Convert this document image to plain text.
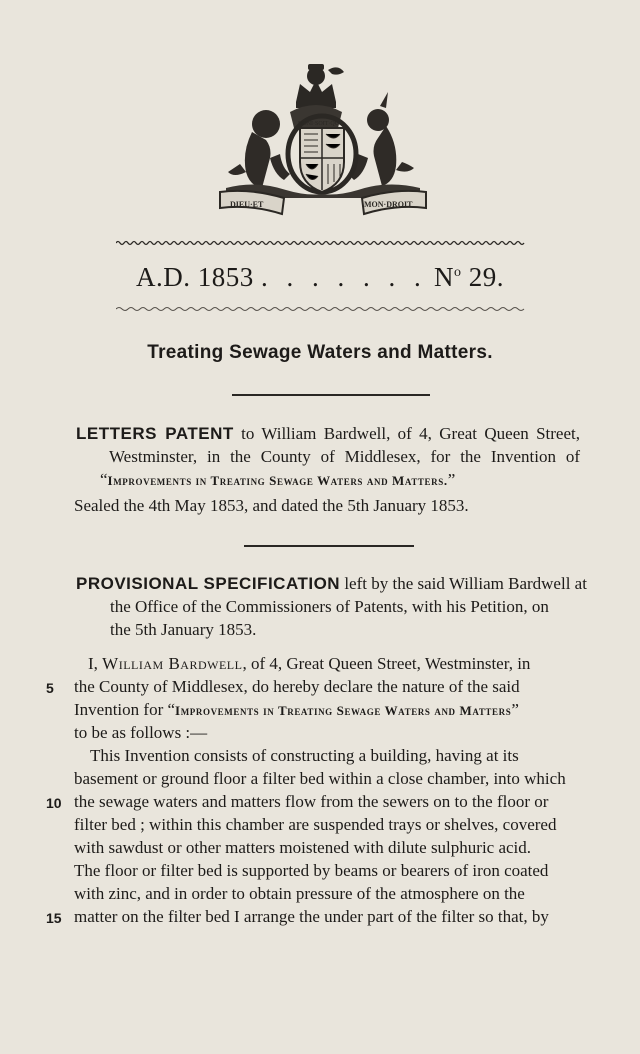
DIEU·ET	MON·DROIT
HONI·SOIT·QUI
A.D. 1853 . . . . . . . $N^o$ 29.
Treating Sewage Waters and Matters.
LETTERS PATENT to William Bardwell, of 4, Great Queen Street,
Westminster, in the County of Middlesex, for the Invention of
“Improvements in Treating Sewage Waters and Matters.”
Sealed the 4th May 1853, and dated the 5th January 1853.
PROVISIONAL SPECIFICATION left by the said William Bardwell at
the Office of the Commissioners of Patents, with his Petition, on
the 5th January 1853.
I, William Bardwell, of 4, Great Queen Street, Westminster, in
5 the County of Middlesex, do hereby declare the nature of the said
Invention for “Improvements in Treating Sewage Waters and Matters”
to be as follows :—
This Invention consists of constructing a building, having at its
basement or ground floor a filter bed within a close chamber, into which
10 the sewage waters and matters flow from the sewers on to the floor or
filter bed ; within this chamber are suspended trays or shelves, covered
with sawdust or other matters moistened with dilute sulphuric acid.
The floor or filter bed is supported by beams or bearers of iron coated
with zinc, and in order to obtain pressure of the atmosphere on the
15 matter on the filter bed I arrange the under part of the filter so that, by
